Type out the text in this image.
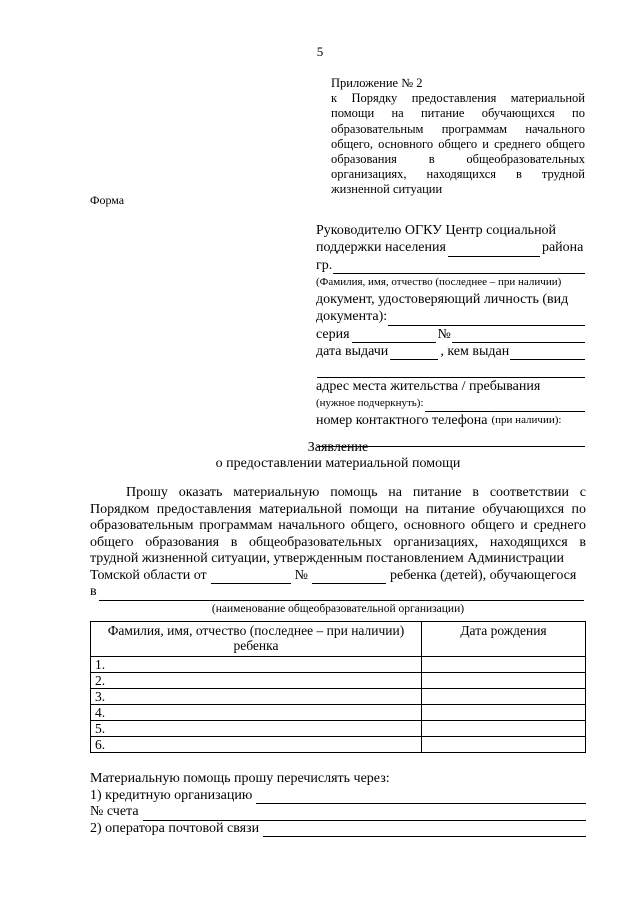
5
Приложение № 2
к Порядку предоставления материальной помощи на питание обучающихся по образовательным программам начального общего, основного общего и среднего общего образования в общеобразовательных организациях, находящихся в трудной жизненной ситуации
Форма
Руководителю ОГКУ Центр социальной
поддержки населения	района
гр.
(Фамилия, имя, отчество (последнее – при наличии)
документ, удостоверяющий личность (вид
документа):
серия	№
дата выдачи	, кем выдан
адрес места жительства / пребывания
(нужное подчеркнуть):
номер контактного телефона (при наличии):
Заявление
о предоставлении материальной помощи
Прошу оказать материальную помощь на питание в соответствии с Порядком предоставления материальной помощи на питание обучающихся по образовательным программам начального общего, основного общего и среднего общего образования в общеобразовательных организациях, находящихся в трудной жизненной ситуации, утвержденным постановлением Администрации
Томской области от	№	ребенка (детей), обучающегося
в
(наименование общеобразовательной организации)
Фамилия, имя, отчество (последнее – при наличии) ребенка	Дата рождения
1.	
2.	
3.	
4.	
5.	
6.	
Материальную помощь прошу перечислять через:
1) кредитную организацию
№ счета
2) оператора почтовой связи
